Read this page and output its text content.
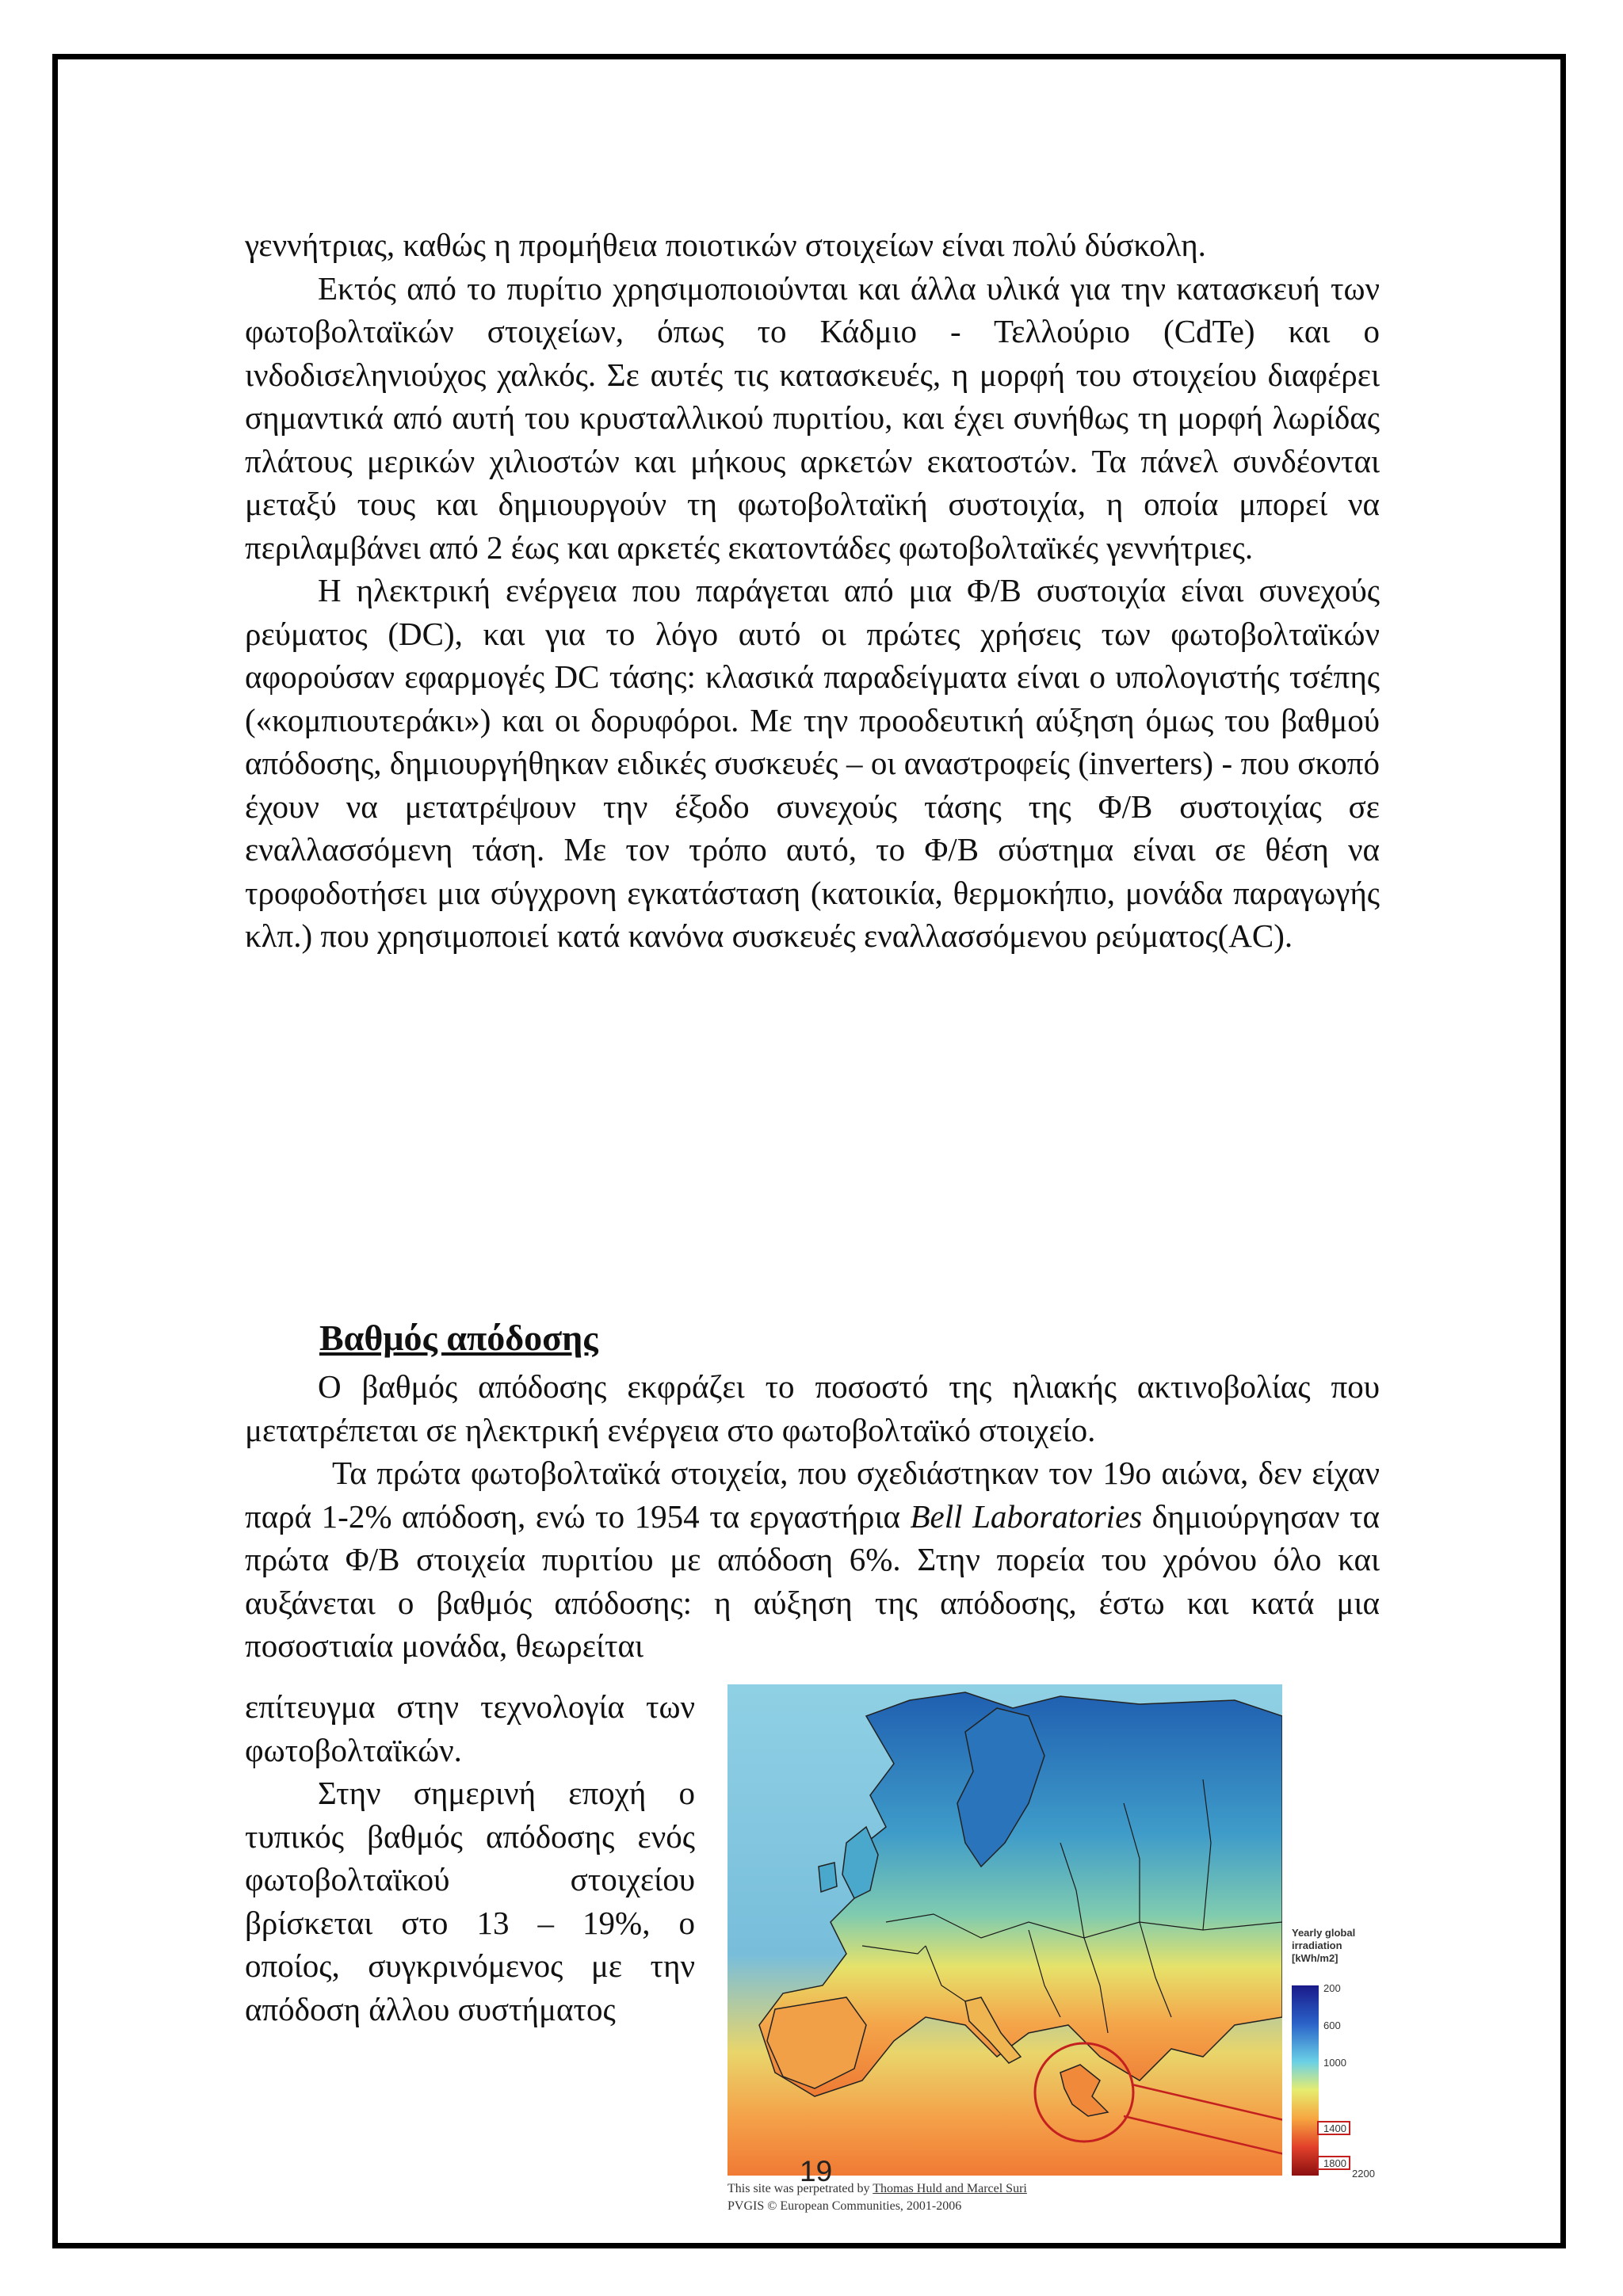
γεννήτριας, καθώς η προμήθεια ποιοτικών στοιχείων είναι πολύ δύσκολη.

Εκτός από το πυρίτιο χρησιμοποιούνται και άλλα υλικά για την κατασκευή των φωτοβολταϊκών στοιχείων, όπως το Κάδμιο - Τελλούριο (CdTe) και ο ινδοδισεληνιούχος χαλκός. Σε αυτές τις κατασκευές, η μορφή του στοιχείου διαφέρει σημαντικά από αυτή του κρυσταλλικού πυριτίου, και έχει συνήθως τη μορφή λωρίδας πλάτους μερικών χιλιοστών και μήκους αρκετών εκατοστών. Τα πάνελ συνδέονται μεταξύ τους και δημιουργούν τη φωτοβολταϊκή συστοιχία, η οποία μπορεί να περιλαμβάνει από 2 έως και αρκετές εκατοντάδες φωτοβολταϊκές γεννήτριες.

Η ηλεκτρική ενέργεια που παράγεται από μια Φ/Β συστοιχία είναι συνεχούς ρεύματος (DC), και για το λόγο αυτό οι πρώτες χρήσεις των φωτοβολταϊκών αφορούσαν εφαρμογές DC τάσης: κλασικά παραδείγματα είναι ο υπολογιστής τσέπης («κομπιουτεράκι») και οι δορυφόροι. Με την προοδευτική αύξηση όμως του βαθμού απόδοσης, δημιουργήθηκαν ειδικές συσκευές – οι αναστροφείς (inverters) - που σκοπό έχουν να μετατρέψουν την έξοδο συνεχούς τάσης της Φ/Β συστοιχίας σε εναλλασσόμενη τάση. Με τον τρόπο αυτό, το Φ/Β σύστημα είναι σε θέση να τροφοδοτήσει μια σύγχρονη εγκατάσταση (κατοικία, θερμοκήπιο, μονάδα παραγωγής κλπ.) που χρησιμοποιεί κατά κανόνα συσκευές εναλλασσόμενου ρεύματος(AC).

Βαθμός απόδοσης

Ο βαθμός απόδοσης εκφράζει το ποσοστό της ηλιακής ακτινοβολίας που μετατρέπεται σε ηλεκτρική ενέργεια στο φωτοβολταϊκό στοιχείο.

Τα πρώτα φωτοβολταϊκά στοιχεία, που σχεδιάστηκαν τον 19ο αιώνα, δεν είχαν παρά 1-2% απόδοση, ενώ το 1954 τα εργαστήρια Bell Laboratories δημιούργησαν τα πρώτα Φ/Β στοιχεία πυριτίου με απόδοση 6%. Στην πορεία του χρόνου όλο και αυξάνεται ο βαθμός απόδοσης: η αύξηση της απόδοσης, έστω και κατά μια ποσοστιαία μονάδα, θεωρείται

επίτευγμα στην τεχνολογία των φωτοβολταϊκών.

Στην σημερινή εποχή ο τυπικός βαθμός απόδοσης ενός φωτοβολταϊκού στοιχείου βρίσκεται στο 13 – 19%, ο οποίος, συγκρινόμενος με την απόδοση άλλου συστήματος

Yearly global
irradiation
[kWh/m2]
200
600
1000
1400
1800
2200
This site was perpetrated by Thomas Huld and Marcel Suri
PVGIS © European Communities, 2001-2006
19
